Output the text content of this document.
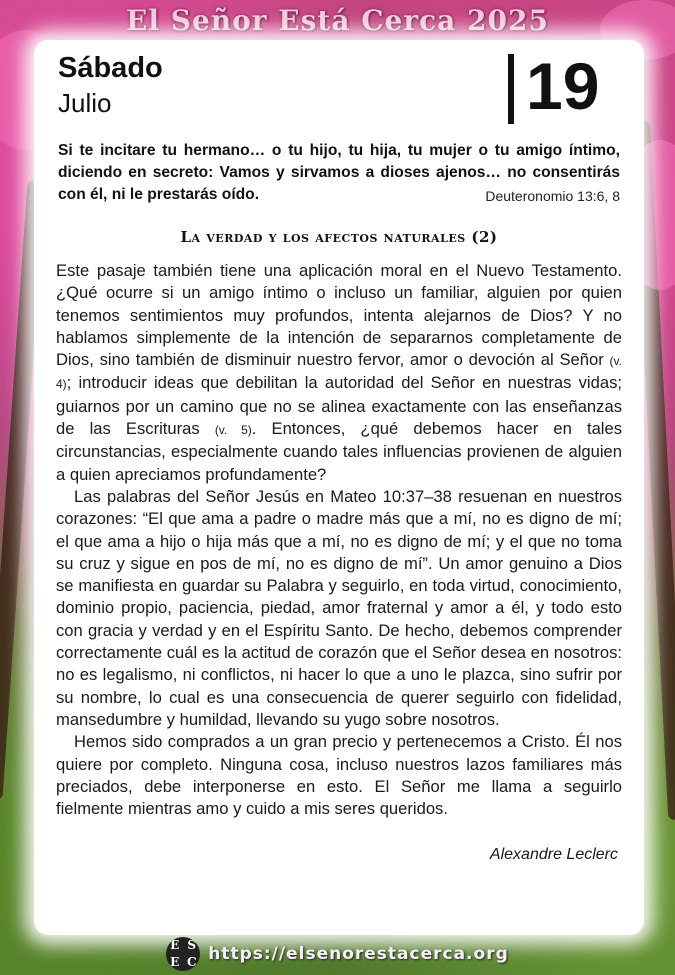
El Señor Está Cerca 2025
Sábado
Julio	19
Si te incitare tu hermano… o tu hijo, tu hija, tu mujer o tu amigo íntimo, diciendo en secreto: Vamos y sirvamos a dioses ajenos… no consentirás con él, ni le prestarás oído.	Deuteronomio 13:6, 8
La verdad y los afectos naturales (2)

Este pasaje también tiene una aplicación moral en el Nuevo Testamento. ¿Qué ocurre si un amigo íntimo o incluso un familiar, alguien por quien tenemos sentimientos muy profundos, intenta alejarnos de Dios? Y no hablamos simplemente de la intención de separarnos completamente de Dios, sino también de disminuir nuestro fervor, amor o devoción al Señor (v. 4); introducir ideas que debilitan la autoridad del Señor en nuestras vidas; guiarnos por un camino que no se alinea exactamente con las enseñanzas de las Escrituras (v. 5). Entonces, ¿qué debemos hacer en tales circunstancias, especialmente cuando tales influencias provienen de alguien a quien apreciamos profundamente?

Las palabras del Señor Jesús en Mateo 10:37–38 resuenan en nuestros corazones: “El que ama a padre o madre más que a mí, no es digno de mí; el que ama a hijo o hija más que a mí, no es digno de mí; y el que no toma su cruz y sigue en pos de mí, no es digno de mí”. Un amor genuino a Dios se manifiesta en guardar su Palabra y seguirlo, en toda virtud, conocimiento, dominio propio, paciencia, piedad, amor fraternal y amor a él, y todo esto con gracia y verdad y en el Espíritu Santo. De hecho, debemos comprender correctamente cuál es la actitud de corazón que el Señor desea en nosotros: no es legalismo, ni conflictos, ni hacer lo que a uno le plazca, sino sufrir por su nombre, lo cual es una consecuencia de querer seguirlo con fidelidad, mansedumbre y humildad, llevando su yugo sobre nosotros.

Hemos sido comprados a un gran precio y pertenecemos a Cristo. Él nos quiere por completo. Ninguna cosa, incluso nuestros lazos familiares más preciados, debe interponerse en esto. El Señor me llama a seguirlo fielmente mientras amo y cuido a mis seres queridos.

Alexandre Leclerc
E S
E C https://elsenorestacerca.org
